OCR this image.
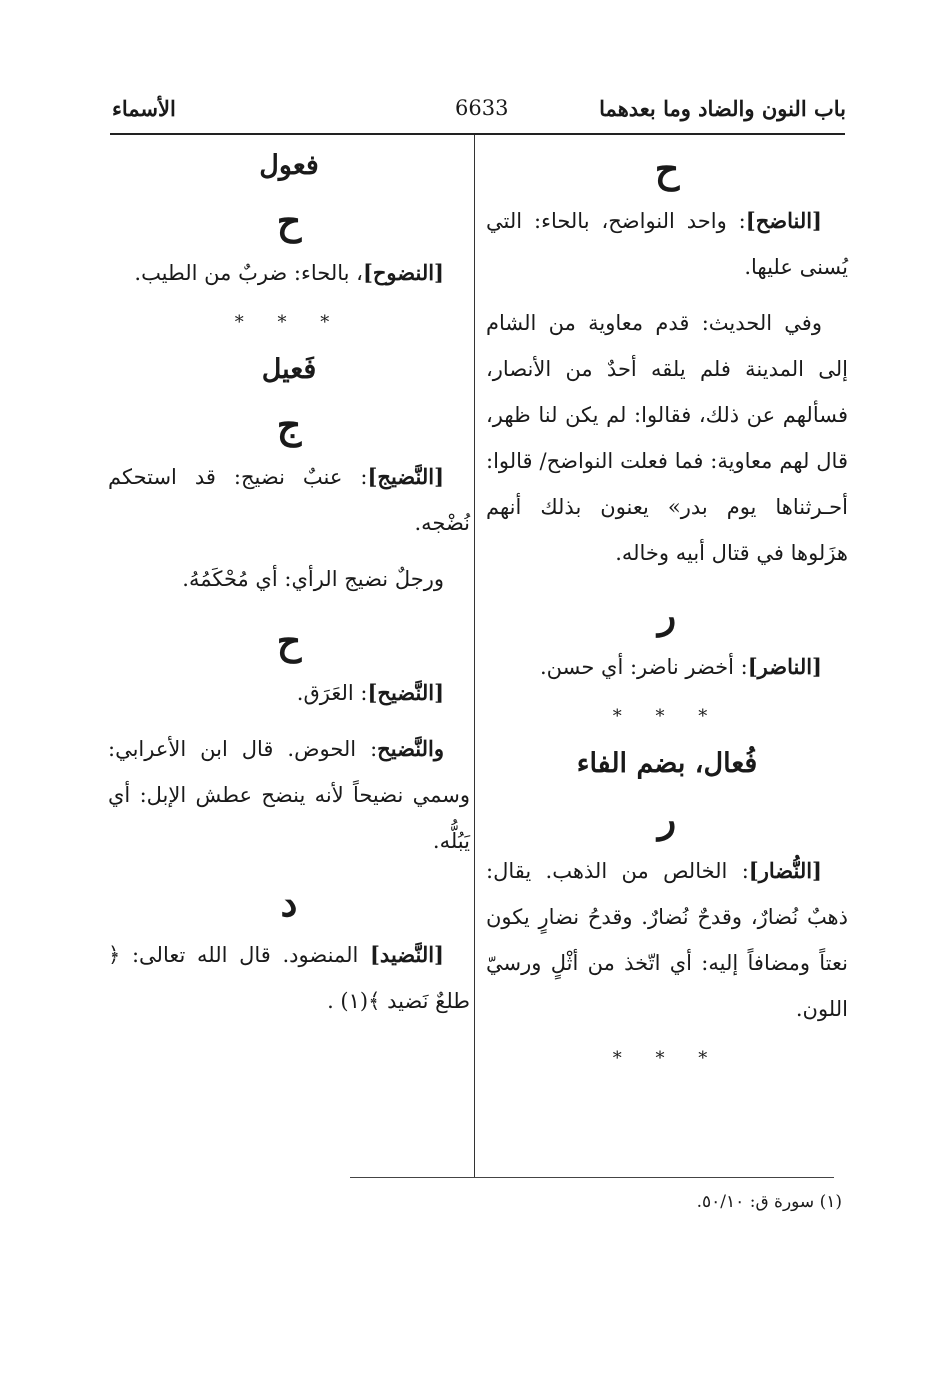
باب النون والضاد وما بعدهما
6633
الأسماء
ح

[الناضح]: واحد النواضح، بالحاء: التي يُسنى عليها.

وفي الحديث: قدم معاوية من الشام إلى المدينة فلم يلقه أحدٌ من الأنصار، فسألهم عن ذلك، فقالوا: لم يكن لنا ظهر، قال لهم معاوية: فما فعلت النواضح/ قالوا: أحـرثناها يوم بدر» يعنون بذلك أنهم هزَلوها في قتال أبيه وخاله.

ر

[الناضر]: أخضر ناضر: أي حسن.

* * *
فُعال، بضم الفاء
ر

[النُّضار]: الخالص من الذهب. يقال: ذهبٌ نُضارٌ، وقدحٌ نُضارٌ. وقدحُ نضارٍ يكون نعتاً ومضافاً إليه: أي اتّخذ من أثْلٍ ورسيّ اللون.

* * *
فعول
ح

[النضوح]، بالحاء: ضربٌ من الطيب.

* * *
فَعيل
ج

[النَّضيج]: عنبٌ نضيج: قد استحكم نُضْجه.

ورجلٌ نضيج الرأي: أي مُحْكَمُهُ.

ح

[النَّضيح]: العَرَق.

والنَّضيح: الحوض. قال ابن الأعرابي: وسمي نضيحاً لأنه ينضح عطش الإبل: أي يَبُلُّه.

د

[النَّضيد] المنضود. قال الله تعالى: ﴿ طلعٌ نَضيد ﴾(١) .

(١) سورة ق: ٥٠/١٠.
